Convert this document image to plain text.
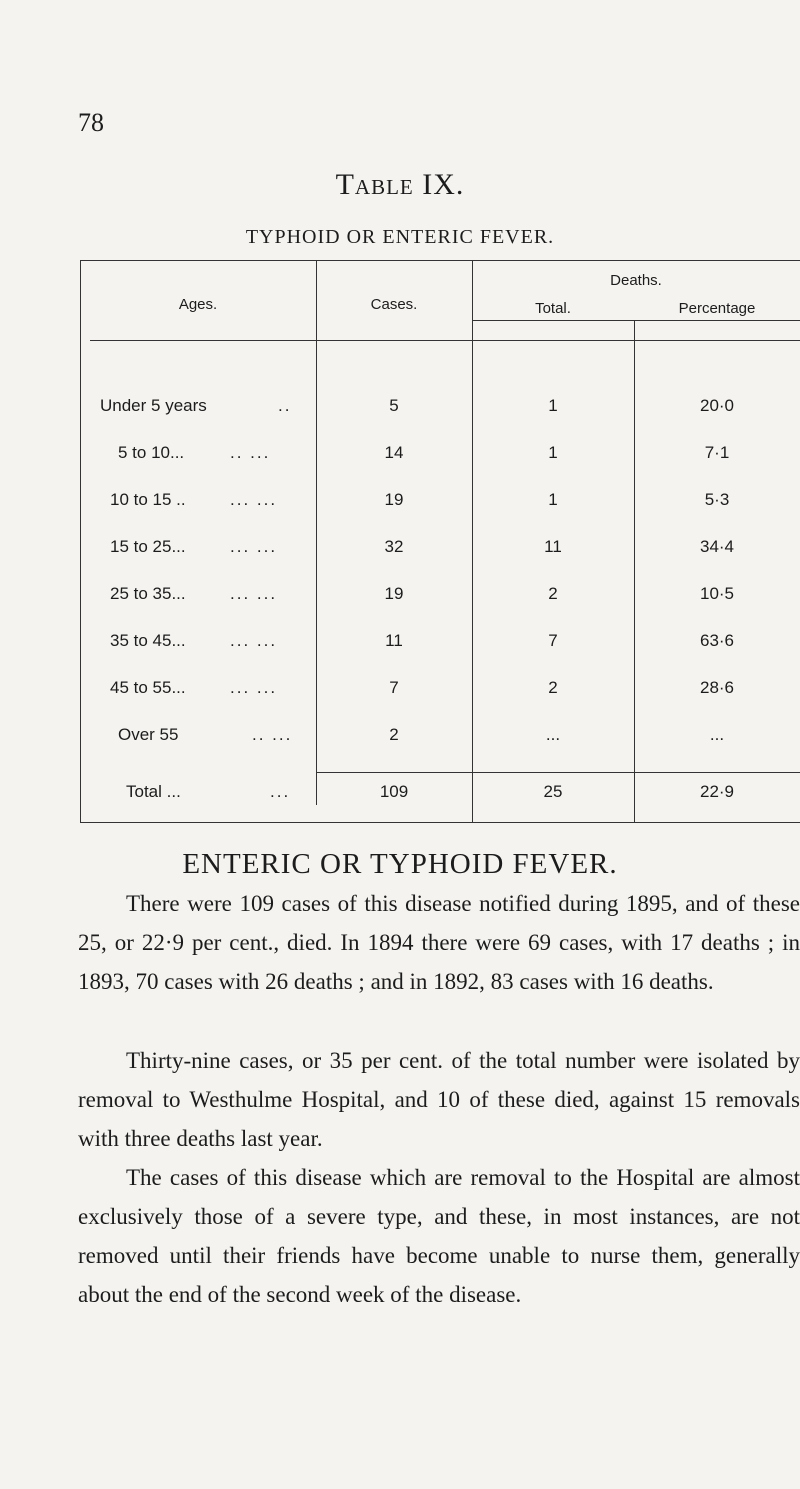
78
Table IX.
TYPHOID OR ENTERIC FEVER.
Ages.	Cases.
Deaths.
Total.	Percentage
Under 5 years	..	5	1	20·0
5 to 10...	.. ...	14	1	7·1
10 to 15 ..	... ...	19	1	5·3
15 to 25...	... ...	32	11	34·4
25 to 35...	... ...	19	2	10·5
35 to 45...	... ...	11	7	63·6
45 to 55...	... ...	7	2	28·6
Over 55	.. ...	2	...	...
Total ...	...	109	25	22·9
ENTERIC OR TYPHOID FEVER.

There were 109 cases of this disease notified during 1895, and of these 25, or 22·9 per cent., died. In 1894 there were 69 cases, with 17 deaths ; in 1893, 70 cases with 26 deaths ; and in 1892, 83 cases with 16 deaths.

Thirty-nine cases, or 35 per cent. of the total number were isolated by removal to Westhulme Hospital, and 10 of these died, against 15 removals with three deaths last year.

The cases of this disease which are removal to the Hospital are almost exclusively those of a severe type, and these, in most instances, are not removed until their friends have become unable to nurse them, generally about the end of the second week of the disease.
